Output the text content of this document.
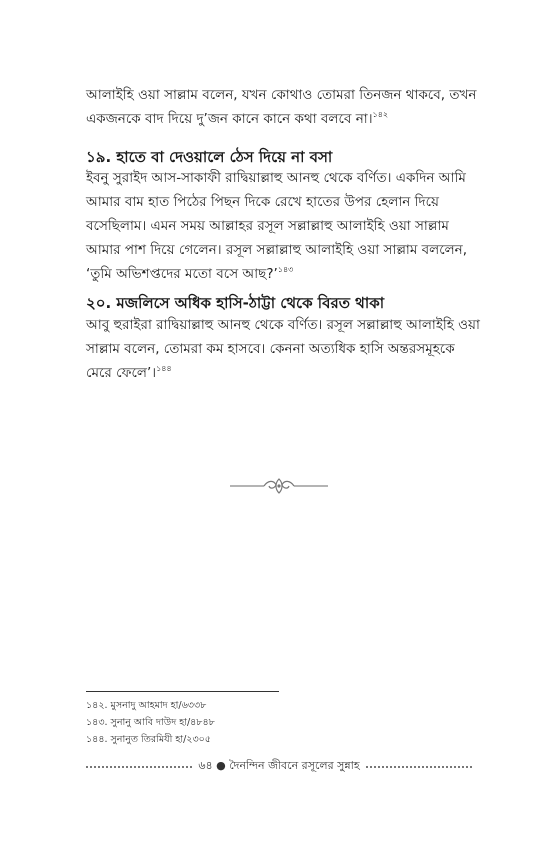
আলাইহি ওয়া সাল্লাম বলেন, যখন কোথাও তোমরা তিনজন থাকবে, তখন
একজনকে বাদ দিয়ে দু’জন কানে কানে কথা বলবে না।$^{১৪২}$
১৯. হাতে বা দেওয়ালে ঠেস দিয়ে না বসা
ইবনু সুরাইদ আস-সাকাফী রাদ্বিয়াল্লাহু আনহু থেকে বর্ণিত। একদিন আমি
আমার বাম হাত পিঠের পিছন দিকে রেখে হাতের উপর হেলান দিয়ে
বসেছিলাম। এমন সময় আল্লাহর রসূল সল্লাল্লাহু আলাইহি ওয়া সাল্লাম
আমার পাশ দিয়ে গেলেন। রসূল সল্লাল্লাহু আলাইহি ওয়া সাল্লাম বললেন,
‘তুমি অভিশপ্তদের মতো বসে আছ?’$^{১৪৩}$
২০. মজলিসে অধিক হাসি-ঠাট্টা থেকে বিরত থাকা
আবু হুরাইরা রাদ্বিয়াল্লাহু আনহু থেকে বর্ণিত। রসূল সল্লাল্লাহু আলাইহি ওয়া
সাল্লাম বলেন, তোমরা কম হাসবে। কেননা অত্যধিক হাসি অন্তরসমূহকে
মেরে ফেলে’।$^{১৪৪}$
১৪২. মুসনাদু আহমাদ হা/৬৩৩৮
১৪৩. সুনানু আবি দাউদ হা/৪৮৪৮
১৪৪. সুনানুত তিরমিযী হা/২৩০৫
৬৪ ● দৈনন্দিন জীবনে রসূলের সুন্নাহ
